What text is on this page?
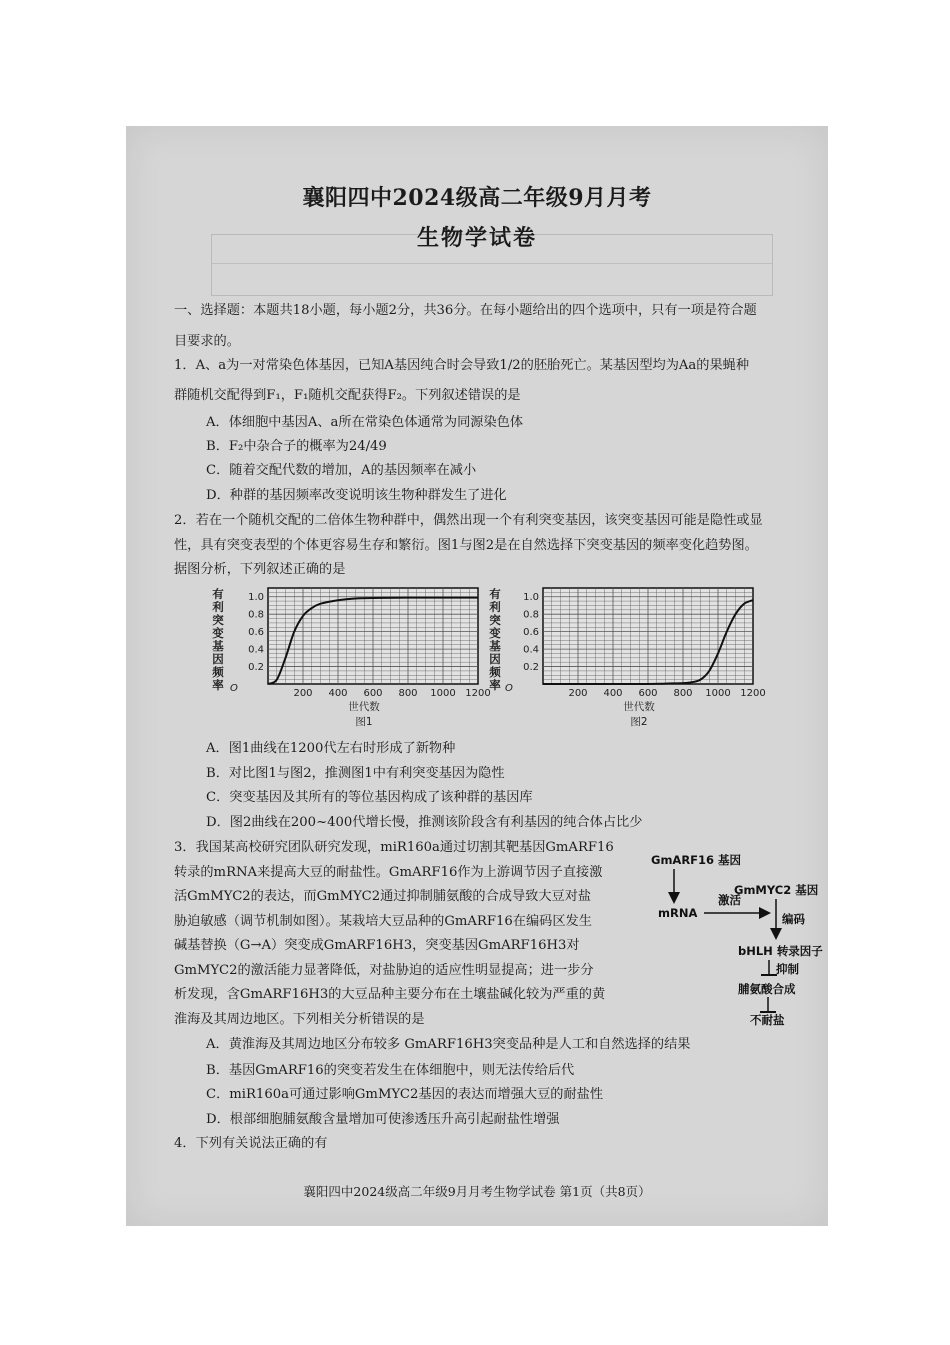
襄阳四中2024级高二年级9月月考
生物学试卷
一、选择题：本题共18小题，每小题2分，共36分。在每小题给出的四个选项中，只有一项是符合题
目要求的。
1．A、a为一对常染色体基因，已知A基因纯合时会导致1/2的胚胎死亡。某基因型均为Aa的果蝇种
群随机交配得到F₁，F₁随机交配获得F₂。下列叙述错误的是
A．体细胞中基因A、a所在常染色体通常为同源染色体
B．F₂中杂合子的概率为24/49
C．随着交配代数的增加，A的基因频率在减小
D．种群的基因频率改变说明该生物种群发生了进化
2．若在一个随机交配的二倍体生物种群中，偶然出现一个有利突变基因，该突变基因可能是隐性或显
性，具有突变表型的个体更容易生存和繁衍。图1与图2是在自然选择下突变基因的频率变化趋势图。
据图分析，下列叙述正确的是
有利突变基因频率
200 400 600 800 1000 1200
0.2
0.4
0.6
0.8
1.0
O
世代数
图1
有利突变基因频率
200 400 600 800 1000 1200
0.2
0.4
0.6
0.8
1.0
O
世代数
图2
A．图1曲线在1200代左右时形成了新物种
B．对比图1与图2，推测图1中有利突变基因为隐性
C．突变基因及其所有的等位基因构成了该种群的基因库
D．图2曲线在200~400代增长慢，推测该阶段含有利基因的纯合体占比少
3．我国某高校研究团队研究发现，miR160a通过切割其靶基因GmARF16
转录的mRNA来提高大豆的耐盐性。GmARF16作为上游调节因子直接激
活GmMYC2的表达，而GmMYC2通过抑制脯氨酸的合成导致大豆对盐
胁迫敏感（调节机制如图）。某栽培大豆品种的GmARF16在编码区发生
碱基替换（G→A）突变成GmARF16H3，突变基因GmARF16H3对
GmMYC2的激活能力显著降低，对盐胁迫的适应性明显提高；进一步分
析发现，含GmARF16H3的大豆品种主要分布在土壤盐碱化较为严重的黄
淮海及其周边地区。下列相关分析错误的是
GmARF16 基因
mRNA
激活
GmMYC2 基因
编码
bHLH 转录因子
抑制
脯氨酸合成
不耐盐
A．黄淮海及其周边地区分布较多 GmARF16H3突变品种是人工和自然选择的结果
B．基因GmARF16的突变若发生在体细胞中，则无法传给后代
C．miR160a可通过影响GmMYC2基因的表达而增强大豆的耐盐性
D．根部细胞脯氨酸含量增加可使渗透压升高引起耐盐性增强
4．下列有关说法正确的有
襄阳四中2024级高二年级9月月考生物学试卷 第1页（共8页）
